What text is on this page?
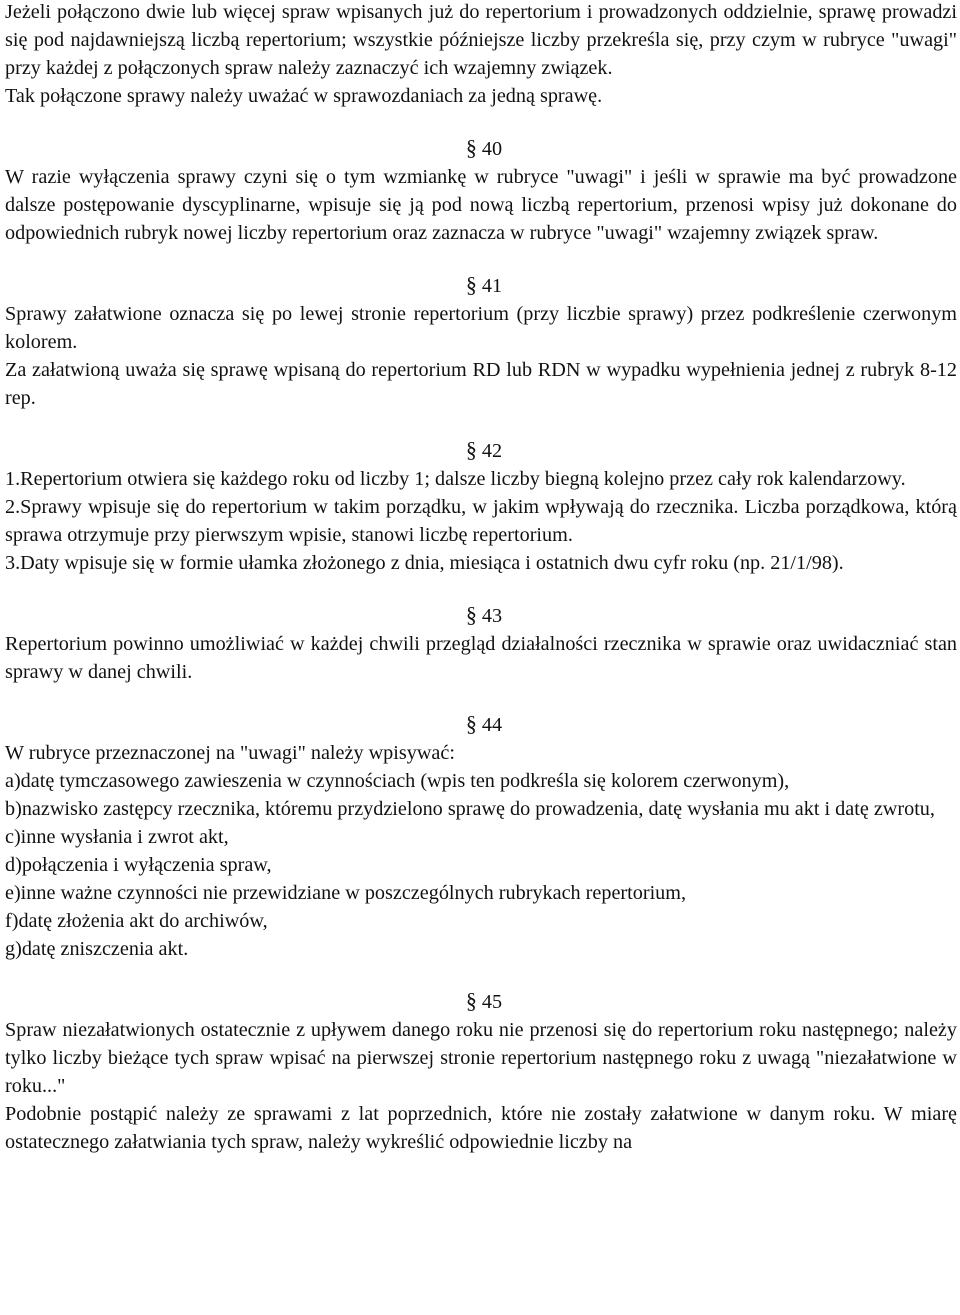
Jeżeli połączono dwie lub więcej spraw wpisanych już do repertorium i prowadzonych oddzielnie, sprawę prowadzi się pod najdawniejszą liczbą repertorium; wszystkie późniejsze liczby przekreśla się, przy czym w rubryce "uwagi" przy każdej z połączonych spraw należy zaznaczyć ich wzajemny związek.

Tak połączone sprawy należy uważać w sprawozdaniach za jedną sprawę.

§ 40

W razie wyłączenia sprawy czyni się o tym wzmiankę w rubryce "uwagi" i jeśli w sprawie ma być prowadzone dalsze postępowanie dyscyplinarne, wpisuje się ją pod nową liczbą repertorium, przenosi wpisy już dokonane do odpowiednich rubryk nowej liczby repertorium oraz zaznacza w rubryce "uwagi" wzajemny związek spraw.

§ 41

Sprawy załatwione oznacza się po lewej stronie repertorium (przy liczbie sprawy) przez podkreślenie czerwonym kolorem.

Za załatwioną uważa się sprawę wpisaną do repertorium RD lub RDN w wypadku wypełnienia jednej z rubryk 8-12 rep.

§ 42

1.Repertorium otwiera się każdego roku od liczby 1; dalsze liczby biegną kolejno przez cały rok kalendarzowy.

2.Sprawy wpisuje się do repertorium w takim porządku, w jakim wpływają do rzecznika. Liczba porządkowa, którą sprawa otrzymuje przy pierwszym wpisie, stanowi liczbę repertorium.

3.Daty wpisuje się w formie ułamka złożonego z dnia, miesiąca i ostatnich dwu cyfr roku (np. 21/1/98).

§ 43

Repertorium powinno umożliwiać w każdej chwili przegląd działalności rzecznika w sprawie oraz uwidaczniać stan sprawy w danej chwili.

§ 44

W rubryce przeznaczonej na "uwagi" należy wpisywać:

a)datę tymczasowego zawieszenia w czynnościach (wpis ten podkreśla się kolorem czerwonym),

b)nazwisko zastępcy rzecznika, któremu przydzielono sprawę do prowadzenia, datę wysłania mu akt i datę zwrotu,

c)inne wysłania i zwrot akt,

d)połączenia i wyłączenia spraw,

e)inne ważne czynności nie przewidziane w poszczególnych rubrykach repertorium,

f)datę złożenia akt do archiwów,

g)datę zniszczenia akt.

§ 45

Spraw niezałatwionych ostatecznie z upływem danego roku nie przenosi się do repertorium roku następnego; należy tylko liczby bieżące tych spraw wpisać na pierwszej stronie repertorium następnego roku z uwagą "niezałatwione w roku..."

Podobnie postąpić należy ze sprawami z lat poprzednich, które nie zostały załatwione w danym roku. W miarę ostatecznego załatwiania tych spraw, należy wykreślić odpowiednie liczby na
